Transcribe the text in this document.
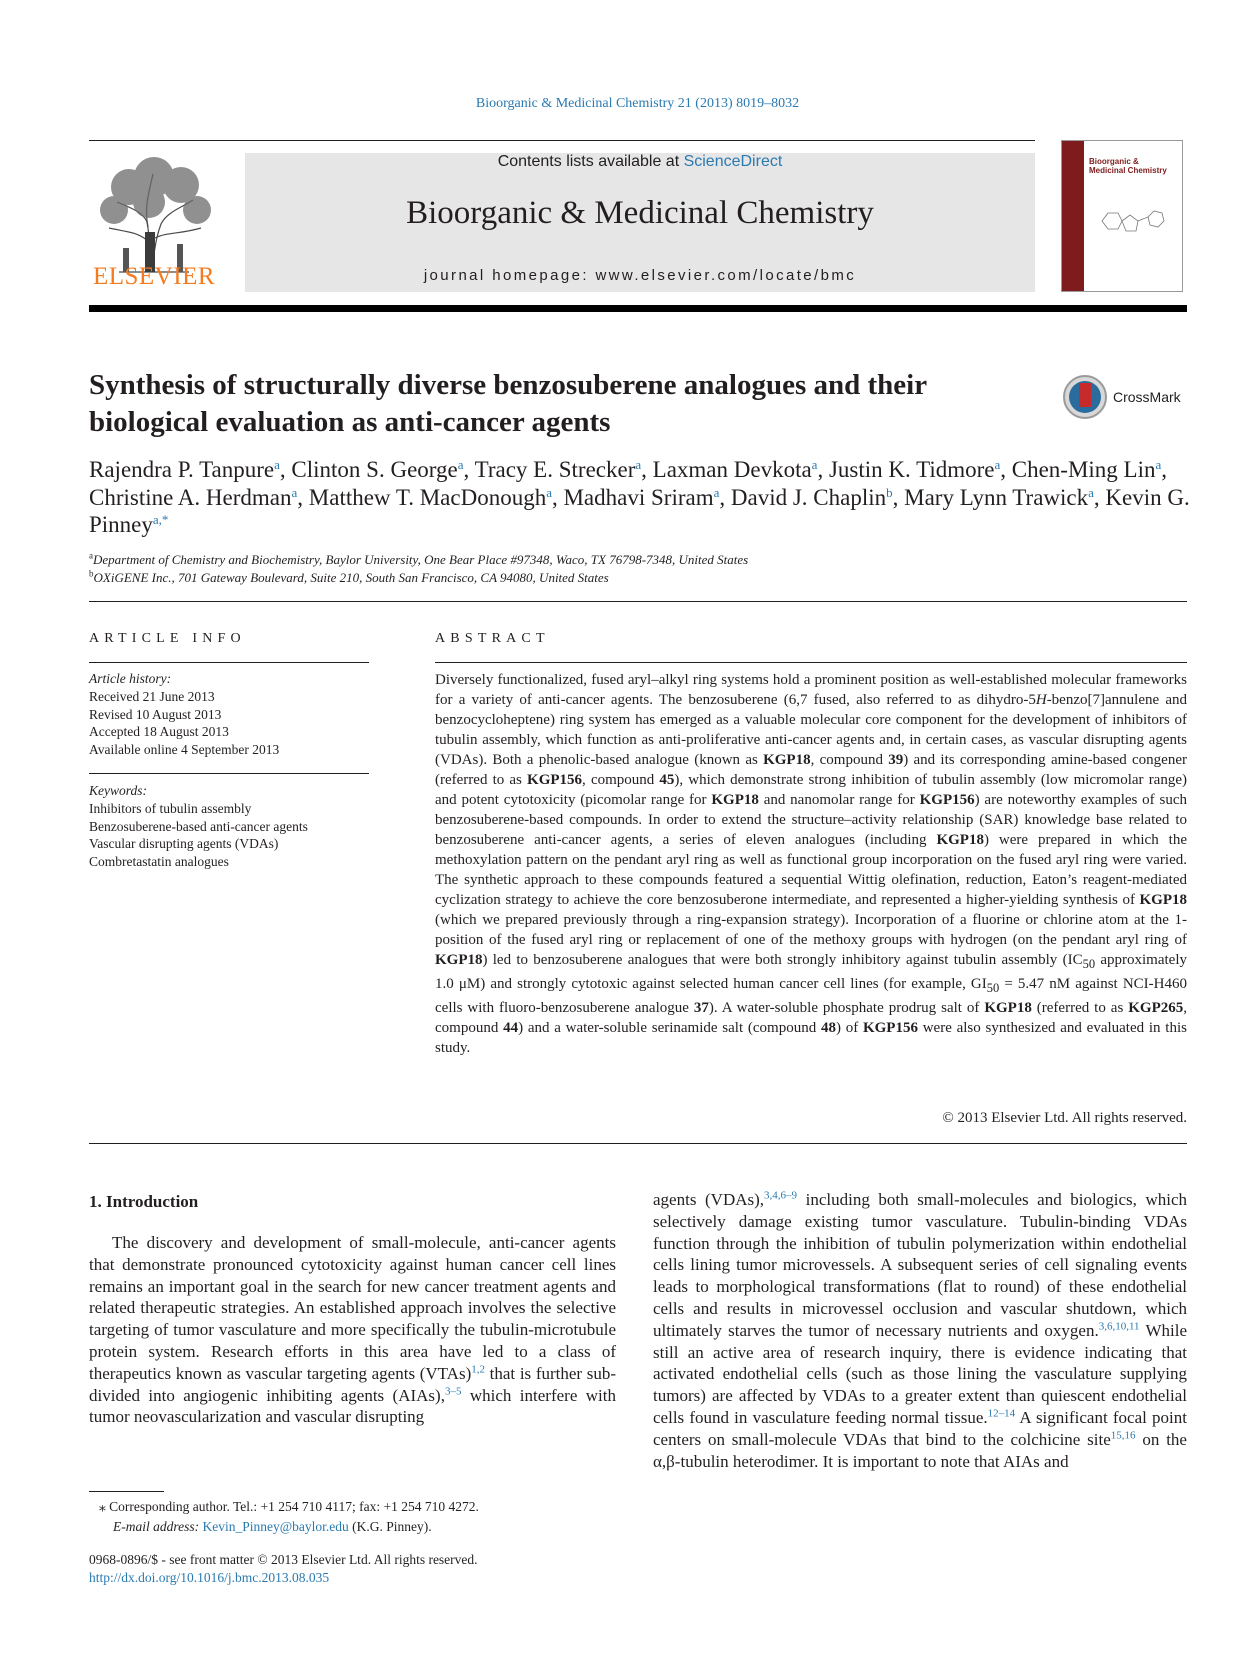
Bioorganic & Medicinal Chemistry 21 (2013) 8019–8032
ELSEVIER
Contents lists available at ScienceDirect
Bioorganic & Medicinal Chemistry
journal homepage: www.elsevier.com/locate/bmc
Bioorganic & Medicinal Chemistry
Synthesis of structurally diverse benzosuberene analogues and their biological evaluation as anti-cancer agents
CrossMark
Rajendra P. Tanpure$^a$, Clinton S. George$^a$, Tracy E. Strecker$^a$, Laxman Devkota$^a$, Justin K. Tidmore$^a$, Chen-Ming Lin$^a$, Christine A. Herdman$^a$, Matthew T. MacDonough$^a$, Madhavi Sriram$^a$, David J. Chaplin$^b$, Mary Lynn Trawick$^a$, Kevin G. Pinney$^{a,*}$
$^a$Department of Chemistry and Biochemistry, Baylor University, One Bear Place #97348, Waco, TX 76798-7348, United States
$^b$OXiGENE Inc., 701 Gateway Boulevard, Suite 210, South San Francisco, CA 94080, United States
ARTICLE INFO
Article history:
Received 21 June 2013
Revised 10 August 2013
Accepted 18 August 2013
Available online 4 September 2013
Keywords:
Inhibitors of tubulin assembly
Benzosuberene-based anti-cancer agents
Vascular disrupting agents (VDAs)
Combretastatin analogues
ABSTRACT
Diversely functionalized, fused aryl–alkyl ring systems hold a prominent position as well-established molecular frameworks for a variety of anti-cancer agents. The benzosuberene (6,7 fused, also referred to as dihydro-5H-benzo[7]annulene and benzocycloheptene) ring system has emerged as a valuable molecular core component for the development of inhibitors of tubulin assembly, which function as anti-proliferative anti-cancer agents and, in certain cases, as vascular disrupting agents (VDAs). Both a phenolic-based analogue (known as KGP18, compound 39) and its corresponding amine-based congener (referred to as KGP156, compound 45), which demonstrate strong inhibition of tubulin assembly (low micromolar range) and potent cytotoxicity (picomolar range for KGP18 and nanomolar range for KGP156) are noteworthy examples of such benzosuberene-based compounds. In order to extend the structure–activity relationship (SAR) knowledge base related to benzosuberene anti-cancer agents, a series of eleven analogues (including KGP18) were prepared in which the methoxylation pattern on the pendant aryl ring as well as functional group incorporation on the fused aryl ring were varied. The synthetic approach to these compounds featured a sequential Wittig olefination, reduction, Eaton’s reagent-mediated cyclization strategy to achieve the core benzosuberone intermediate, and represented a higher-yielding synthesis of KGP18 (which we prepared previously through a ring-expansion strategy). Incorporation of a fluorine or chlorine atom at the 1-position of the fused aryl ring or replacement of one of the methoxy groups with hydrogen (on the pendant aryl ring of KGP18) led to benzosuberene analogues that were both strongly inhibitory against tubulin assembly ($IC_{50}$ approximately 1.0 μM) and strongly cytotoxic against selected human cancer cell lines (for example, $GI_{50} = 5.47$ nM against NCI-H460 cells with fluoro-benzosuberene analogue 37). A water-soluble phosphate prodrug salt of KGP18 (referred to as KGP265, compound 44) and a water-soluble serinamide salt (compound 48) of KGP156 were also synthesized and evaluated in this study.
© 2013 Elsevier Ltd. All rights reserved.
1. Introduction
The discovery and development of small-molecule, anti-cancer agents that demonstrate pronounced cytotoxicity against human cancer cell lines remains an important goal in the search for new cancer treatment agents and related therapeutic strategies. An established approach involves the selective targeting of tumor vasculature and more specifically the tubulin-microtubule protein system. Research efforts in this area have led to a class of therapeutics known as vascular targeting agents (VTAs)$^{1,2}$ that is further sub-divided into angiogenic inhibiting agents (AIAs),$^{3-5}$ which interfere with tumor neovascularization and vascular disrupting
agents (VDAs),$^{3,4,6-9}$ including both small-molecules and biologics, which selectively damage existing tumor vasculature. Tubulin-binding VDAs function through the inhibition of tubulin polymerization within endothelial cells lining tumor microvessels. A subsequent series of cell signaling events leads to morphological transformations (flat to round) of these endothelial cells and results in microvessel occlusion and vascular shutdown, which ultimately starves the tumor of necessary nutrients and oxygen.$^{3,6,10,11}$ While still an active area of research inquiry, there is evidence indicating that activated endothelial cells (such as those lining the vasculature supplying tumors) are affected by VDAs to a greater extent than quiescent endothelial cells found in vasculature feeding normal tissue.$^{12-14}$ A significant focal point centers on small-molecule VDAs that bind to the colchicine site$^{15,16}$ on the α,β-tubulin heterodimer. It is important to note that AIAs and
⁎ Corresponding author. Tel.: +1 254 710 4117; fax: +1 254 710 4272.
E-mail address: Kevin_Pinney@baylor.edu (K.G. Pinney).
0968-0896/$ - see front matter © 2013 Elsevier Ltd. All rights reserved.
http://dx.doi.org/10.1016/j.bmc.2013.08.035
